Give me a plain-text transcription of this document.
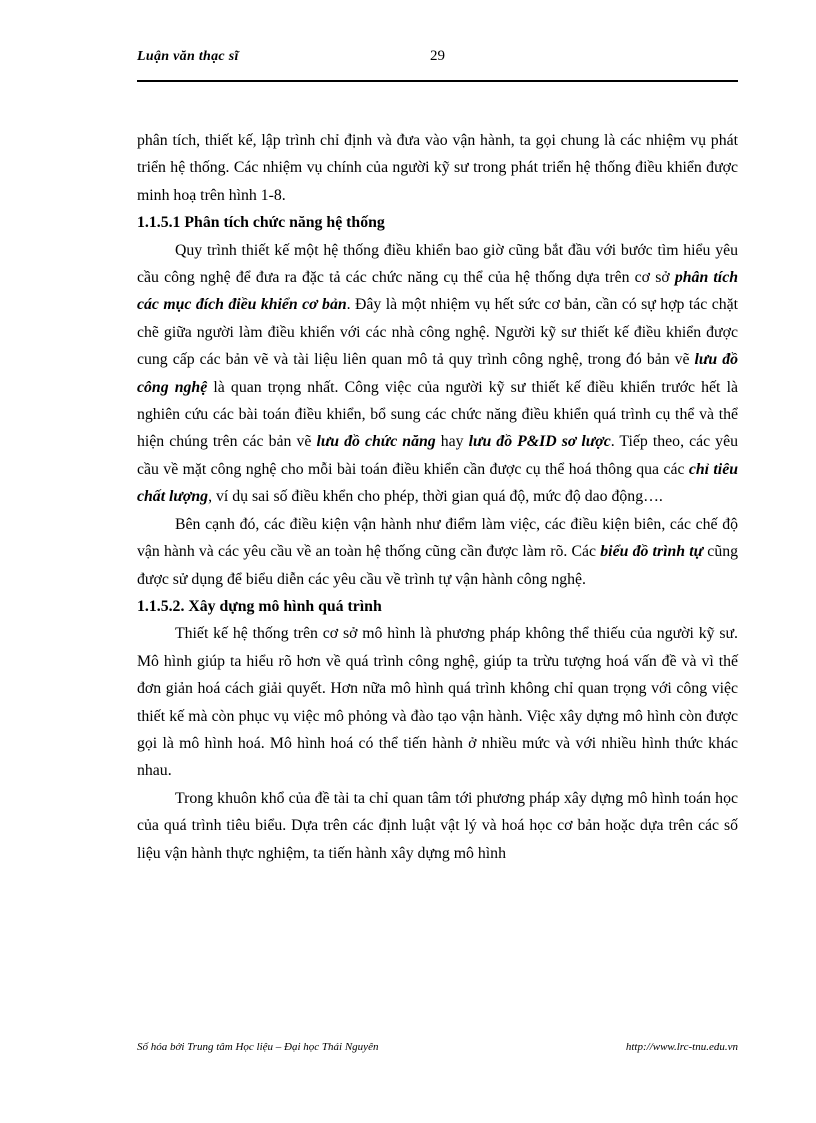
Luận văn thạc sĩ	29

phân tích, thiết kế, lập trình chỉ định và đưa vào vận hành, ta gọi chung là các nhiệm vụ phát triển hệ thống. Các nhiệm vụ chính của người kỹ sư trong phát triển hệ thống điều khiển được minh hoạ trên hình 1-8.

1.1.5.1 Phân tích chức năng hệ thống

Quy trình thiết kế một hệ thống điều khiển bao giờ cũng bắt đầu với bước tìm hiểu yêu cầu công nghệ để đưa ra đặc tả các chức năng cụ thể của hệ thống dựa trên cơ sở phân tích các mục đích điều khiển cơ bản. Đây là một nhiệm vụ hết sức cơ bản, cần có sự hợp tác chặt chẽ giữa người làm điều khiển với các nhà công nghệ. Người kỹ sư thiết kế điều khiển được cung cấp các bản vẽ và tài liệu liên quan mô tả quy trình công nghệ, trong đó bản vẽ lưu đồ công nghệ là quan trọng nhất. Công việc của người kỹ sư thiết kế điều khiển trước hết là nghiên cứu các bài toán điều khiển, bổ sung các chức năng điều khiển quá trình cụ thể và thể hiện chúng trên các bản vẽ lưu đồ chức năng hay lưu đồ P&ID sơ lược. Tiếp theo, các yêu cầu về mặt công nghệ cho mỗi bài toán điều khiển cần được cụ thể hoá thông qua các chỉ tiêu chất lượng, ví dụ sai số điều khển cho phép, thời gian quá độ, mức độ dao động….

Bên cạnh đó, các điều kiện vận hành như điểm làm việc, các điều kiện biên, các chế độ vận hành và các yêu cầu về an toàn hệ thống cũng cần được làm rõ. Các biểu đồ trình tự cũng được sử dụng để biểu diễn các yêu cầu về trình tự vận hành công nghệ.

1.1.5.2. Xây dựng mô hình quá trình

Thiết kế hệ thống trên cơ sở mô hình là phương pháp không thể thiếu của người kỹ sư. Mô hình giúp ta hiểu rõ hơn về quá trình công nghệ, giúp ta trừu tượng hoá vấn đề và vì thế đơn giản hoá cách giải quyết. Hơn nữa mô hình quá trình không chỉ quan trọng với công việc thiết kế mà còn phục vụ việc mô phỏng và đào tạo vận hành. Việc xây dựng mô hình còn được gọi là mô hình hoá. Mô hình hoá có thể tiến hành ở nhiều mức và với nhiều hình thức khác nhau.

Trong khuôn khổ của đề tài ta chỉ quan tâm tới phương pháp xây dựng mô hình toán học của quá trình tiêu biểu. Dựa trên các định luật vật lý và hoá học cơ bản hoặc dựa trên các số liệu vận hành thực nghiệm, ta tiến hành xây dựng mô hình

Số hóa bởi Trung tâm Học liệu – Đại học Thái Nguyên	http://www.lrc-tnu.edu.vn
